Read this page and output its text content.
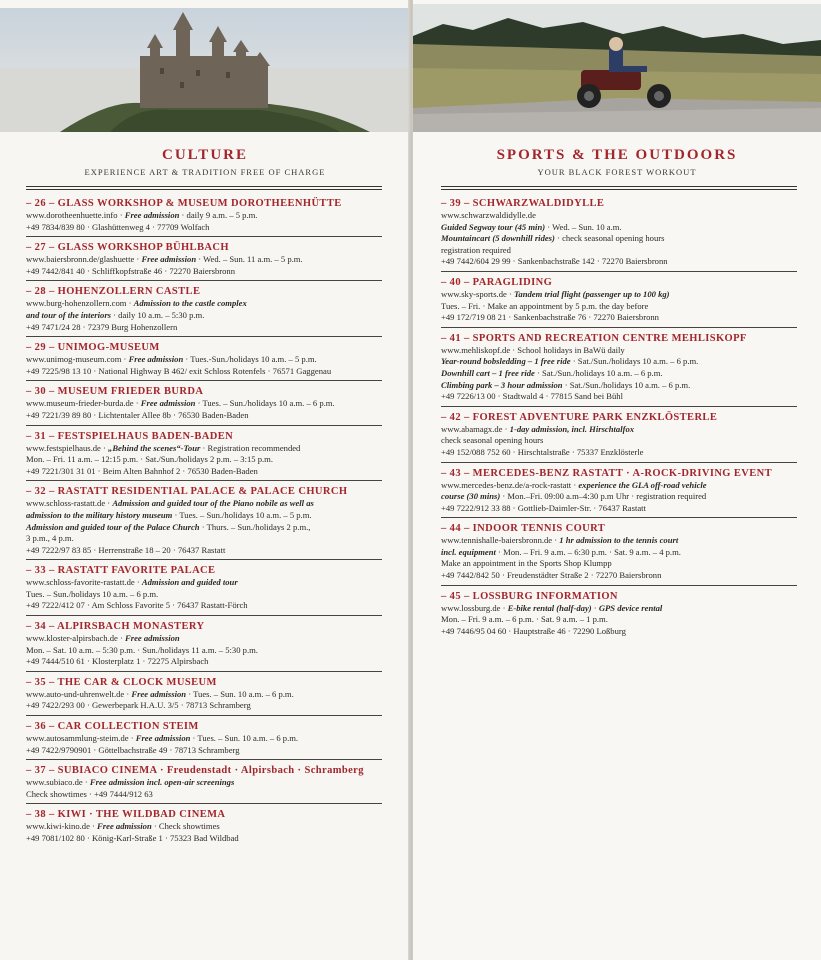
CULTURE
EXPERIENCE ART & TRADITION FREE OF CHARGE
– 26 – GLASS WORKSHOP & MUSEUM DOROTHEENHÜTTE
www.dorotheenhuette.info · Free admission · daily 9 a.m. – 5 p.m.
+49 7834/839 80 · Glashüttenweg 4 · 77709 Wolfach
– 27 – GLASS WORKSHOP BÜHLBACH
www.baiersbronn.de/glashuette · Free admission · Wed. – Sun. 11 a.m. – 5 p.m.
+49 7442/841 40 · Schliffkopfstraße 46 · 72270 Baiersbronn
– 28 – HOHENZOLLERN CASTLE
www.burg-hohenzollern.com · Admission to the castle complex
and tour of the interiors · daily 10 a.m. – 5:30 p.m.
+49 7471/24 28 · 72379 Burg Hohenzollern
– 29 – UNIMOG-MUSEUM
www.unimog-museum.com · Free admission · Tues.-Sun./holidays 10 a.m. – 5 p.m.
+49 7225/98 13 10 · National Highway B 462/ exit Schloss Rotenfels · 76571 Gaggenau
– 30 – MUSEUM FRIEDER BURDA
www.museum-frieder-burda.de · Free admission · Tues. – Sun./holidays 10 a.m. – 6 p.m.
+49 7221/39 89 80 · Lichtentaler Allee 8b · 76530 Baden-Baden
– 31 – FESTSPIELHAUS BADEN-BADEN
www.festspielhaus.de · „Behind the scenes“-Tour · Registration recommended
Mon. – Fri. 11 a.m. – 12:15 p.m. · Sat./Sun./holidays 2 p.m. – 3:15 p.m.
+49 7221/301 31 01 · Beim Alten Bahnhof 2 · 76530 Baden-Baden
– 32 – RASTATT RESIDENTIAL PALACE & PALACE CHURCH
www.schloss-rastatt.de · Admission and guided tour of the Piano nobile as well as
admission to the military history museum · Tues. – Sun./holidays 10 a.m. – 5 p.m.
Admission and guided tour of the Palace Church · Thurs. – Sun./holidays 2 p.m.,
3 p.m., 4 p.m.
+49 7222/97 83 85 · Herrenstraße 18 – 20 · 76437 Rastatt
– 33 – RASTATT FAVORITE PALACE
www.schloss-favorite-rastatt.de · Admission and guided tour
Tues. – Sun./holidays 10 a.m. – 6 p.m.
+49 7222/412 07 · Am Schloss Favorite 5 · 76437 Rastatt-Förch
– 34 – ALPIRSBACH MONASTERY
www.kloster-alpirsbach.de · Free admission
Mon. – Sat. 10 a.m. – 5:30 p.m. · Sun./holidays 11 a.m. – 5:30 p.m.
+49 7444/510 61 · Klosterplatz 1 · 72275 Alpirsbach
– 35 – THE CAR & CLOCK MUSEUM
www.auto-und-uhrenwelt.de · Free admission · Tues. – Sun. 10 a.m. – 6 p.m.
+49 7422/293 00 · Gewerbepark H.A.U. 3/5 · 78713 Schramberg
– 36 – CAR COLLECTION STEIM
www.autosammlung-steim.de · Free admission · Tues. – Sun. 10 a.m. – 6 p.m.
+49 7422/9790901 · Göttelbachstraße 49 · 78713 Schramberg
– 37 – SUBIACO CINEMA · Freudenstadt · Alpirsbach · Schramberg
www.subiaco.de · Free admission incl. open-air screenings
Check showtimes · +49 7444/912 63
– 38 – KIWI · THE WILDBAD CINEMA
www.kiwi-kino.de · Free admission · Check showtimes
+49 7081/102 80 · König-Karl-Straße 1 · 75323 Bad Wildbad
SPORTS & THE OUTDOORS
YOUR BLACK FOREST WORKOUT
– 39 – SCHWARZWALDIDYLLE
www.schwarzwaldidylle.de
Guided Segway tour (45 min) · Wed. – Sun. 10 a.m.
Mountaincart (5 downhill rides) · check seasonal opening hours
registration required
+49 7442/604 29 99 · Sankenbachstraße 142 · 72270 Baiersbronn
– 40 – PARAGLIDING
www.sky-sports.de · Tandem trial flight (passenger up to 100 kg)
Tues. – Fri. · Make an appointment by 5 p.m. the day before
+49 172/719 08 21 · Sankenbachstraße 76 · 72270 Baiersbronn
– 41 – SPORTS AND RECREATION CENTRE MEHLISKOPF
www.mehliskopf.de · School holidays in BaWü daily
Year-round bobsledding – 1 free ride · Sat./Sun./holidays 10 a.m. – 6 p.m.
Downhill cart – 1 free ride · Sat./Sun./holidays 10 a.m. – 6 p.m.
Climbing park – 3 hour admission · Sat./Sun./holidays 10 a.m. – 6 p.m.
+49 7226/13 00 · Stadtwald 4 · 77815 Sand bei Bühl
– 42 – FOREST ADVENTURE PARK ENZKLÖSTERLE
www.abamagx.de · 1-day admission, incl. Hirschtalfox
check seasonal opening hours
+49 152/088 752 60 · Hirschtalstraße · 75337 Enzklösterle
– 43 – MERCEDES-BENZ RASTATT · A-ROCK-DRIVING EVENT
www.mercedes-benz.de/a-rock-rastatt · experience the GLA off-road vehicle
course (30 mins) · Mon.–Fri. 09:00 a.m–4:30 p.m Uhr · registration required
+49 7222/912 33 88 · Gottlieb-Daimler-Str. · 76437 Rastatt
– 44 – INDOOR TENNIS COURT
www.tennishalle-baiersbronn.de · 1 hr admission to the tennis court
incl. equipment · Mon. – Fri. 9 a.m. – 6:30 p.m. · Sat. 9 a.m. – 4 p.m.
Make an appointment in the Sports Shop Klumpp
+49 7442/842 50 · Freudenstädter Straße 2 · 72270 Baiersbronn
– 45 – LOSSBURG INFORMATION
www.lossburg.de · E-bike rental (half-day) · GPS device rental
Mon. – Fri. 9 a.m. – 6 p.m. · Sat. 9 a.m. – 1 p.m.
+49 7446/95 04 60 · Hauptstraße 46 · 72290 Loßburg
